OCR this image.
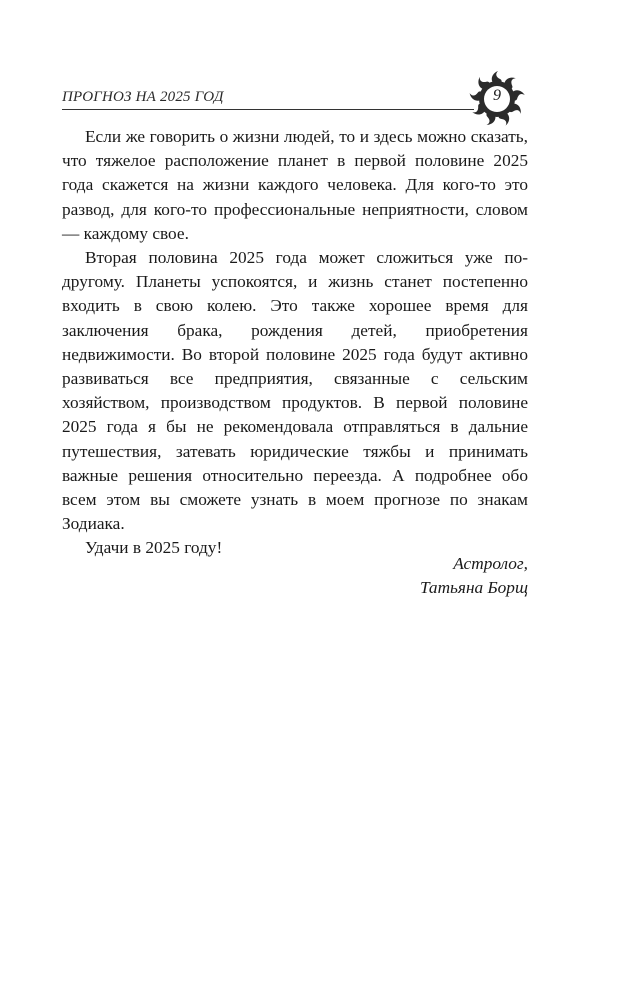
ПРОГНОЗ НА 2025 ГОД	9

Если же говорить о жизни людей, то и здесь можно сказать, что тяжелое расположение планет в первой половине 2025 года скажется на жизни каждого человека. Для кого-то это развод, для кого-то профессиональные неприятности, словом — каждому свое.

Вторая половина 2025 года может сложиться уже по-другому. Планеты успокоятся, и жизнь станет постепенно входить в свою колею. Это также хорошее время для заключения брака, рождения детей, приобретения недвижимости. Во второй половине 2025 года будут активно развиваться все предприятия, связанные с сельским хозяйством, производством продуктов. В первой половине 2025 года я бы не рекомендовала отправляться в дальние путешествия, затевать юридические тяжбы и принимать важные решения относительно переезда. А подробнее обо всем этом вы сможете узнать в моем прогнозе по знакам Зодиака.

Удачи в 2025 году!

Астролог,
Татьяна Борщ
